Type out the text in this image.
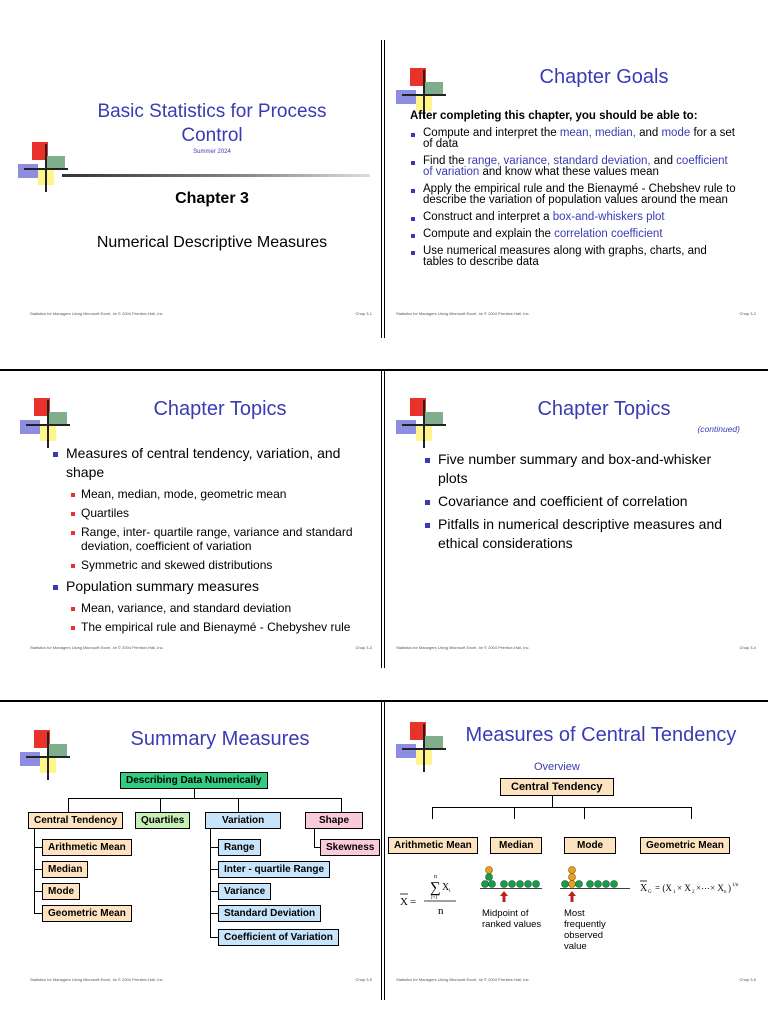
Basic Statistics for Process
Control
Summer 2024
Chapter 3
Numerical Descriptive Measures
Statistics for Managers Using Microsoft Excel, 4e © 2004 Prentice-Hall, Inc.	Chap 3-1
Chapter Goals
After completing this chapter, you should be able to:
Compute and interpret the mean, median, and mode for a set of data
Find the range, variance, standard deviation, and coefficient of variation and know what these values mean
Apply the empirical rule and the Bienaymé - Chebshev rule to describe the variation of population values around the mean
Construct and interpret a box-and-whiskers plot
Compute and explain the correlation coefficient
Use numerical measures along with graphs, charts, and tables to describe data
Statistics for Managers Using Microsoft Excel, 4e © 2004 Prentice-Hall, Inc.	Chap 3-2
Chapter Topics
Measures of central tendency, variation, and shape
Mean, median, mode, geometric mean
Quartiles
Range, inter- quartile range, variance and standard deviation, coefficient of variation
Symmetric and skewed distributions
Population summary measures
Mean, variance, and standard deviation
The empirical rule and Bienaymé - Chebyshev rule
Statistics for Managers Using Microsoft Excel, 4e © 2004 Prentice-Hall, Inc.	Chap 3-3
Chapter Topics
(continued)
Five number summary and box-and-whisker plots
Covariance and coefficient of correlation
Pitfalls in numerical descriptive measures and ethical considerations
Statistics for Managers Using Microsoft Excel, 4e © 2004 Prentice-Hall, Inc.	Chap 3-4
Summary Measures
Describing Data Numerically
Central Tendency	Quartiles	Variation	Shape
Arithmetic Mean
Median
Mode
Geometric Mean
Range
Inter - quartile Range
Variance
Standard Deviation
Coefficient of Variation
Skewness
Statistics for Managers Using Microsoft Excel, 4e © 2004 Prentice-Hall, Inc.	Chap 3-5
Measures of Central Tendency
Overview
Central Tendency
Arithmetic Mean	Median	Mode	Geometric Mean
X =
n
∑ X i
i=1
n	Midpoint of ranked values
Most frequently observed value
X G = (X 1 × X 2 ×⋯× X n ) 1/n
Statistics for Managers Using Microsoft Excel, 4e © 2004 Prentice-Hall, Inc.	Chap 3-6
